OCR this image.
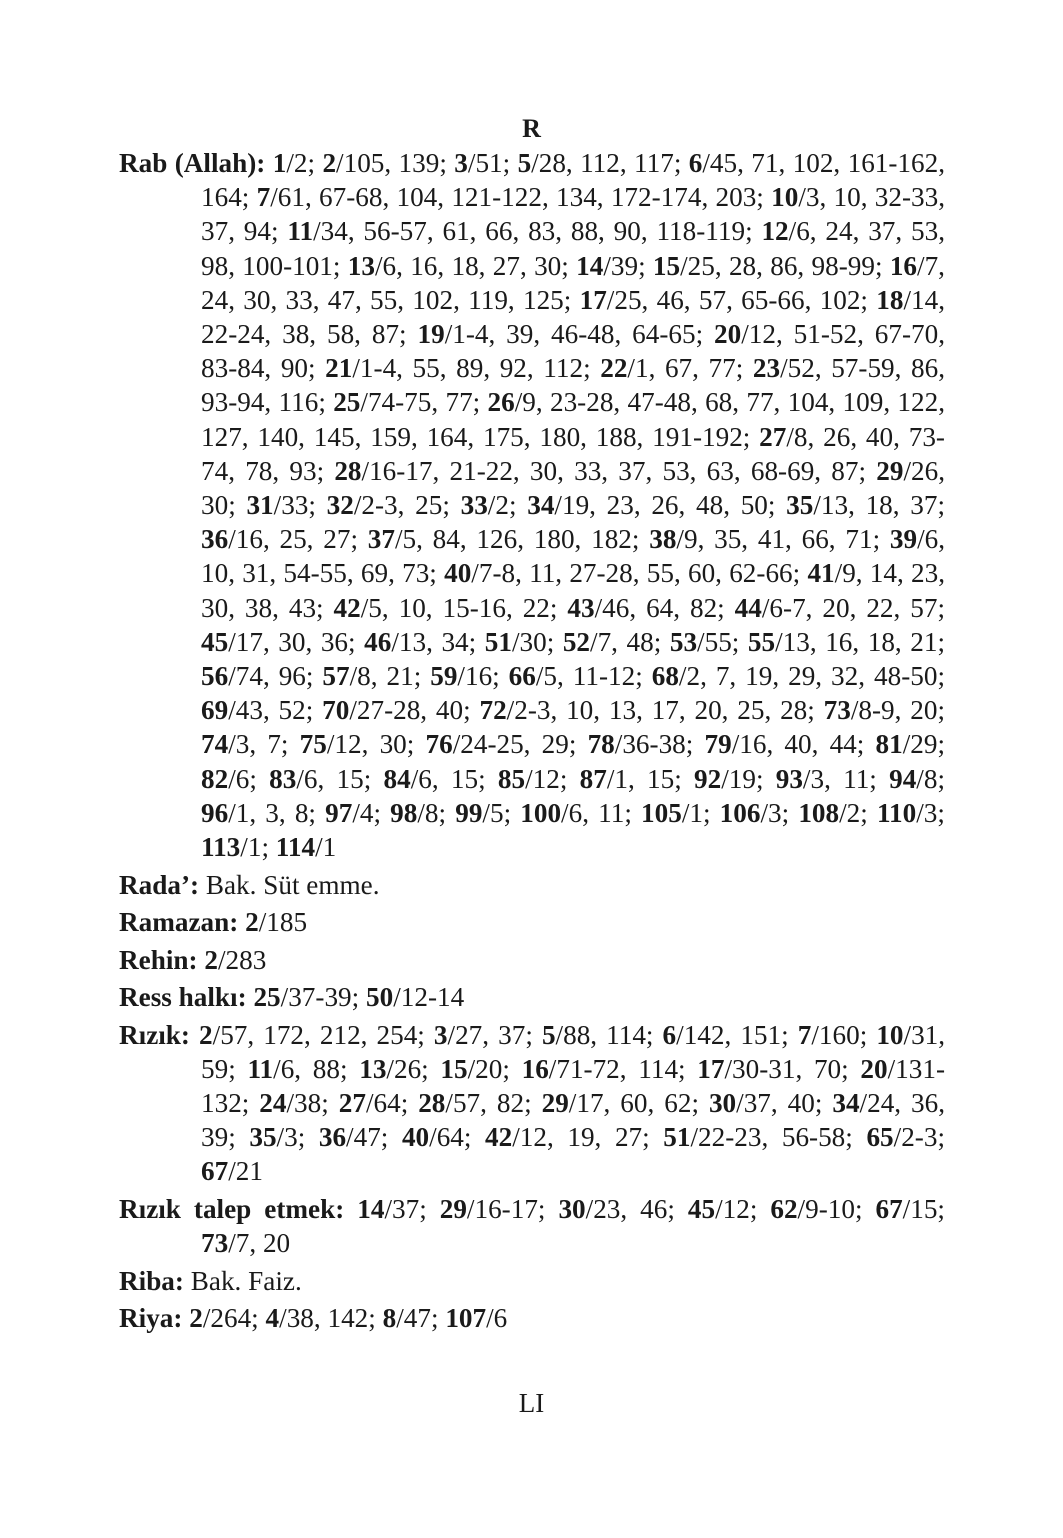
R
Rab (Allah): 1/2; 2/105, 139; 3/51; 5/28, 112, 117; 6/45, 71, 102, 161-162, 164; 7/61, 67-68, 104, 121-122, 134, 172-174, 203; 10/3, 10, 32-33, 37, 94; 11/34, 56-57, 61, 66, 83, 88, 90, 118-119; 12/6, 24, 37, 53, 98, 100-101; 13/6, 16, 18, 27, 30; 14/39; 15/25, 28, 86, 98-99; 16/7, 24, 30, 33, 47, 55, 102, 119, 125; 17/25, 46, 57, 65-66, 102; 18/14, 22-24, 38, 58, 87; 19/1-4, 39, 46-48, 64-65; 20/12, 51-52, 67-70, 83-84, 90; 21/1-4, 55, 89, 92, 112; 22/1, 67, 77; 23/52, 57-59, 86, 93-94, 116; 25/74-75, 77; 26/9, 23-28, 47-48, 68, 77, 104, 109, 122, 127, 140, 145, 159, 164, 175, 180, 188, 191-192; 27/8, 26, 40, 73-74, 78, 93; 28/16-17, 21-22, 30, 33, 37, 53, 63, 68-69, 87; 29/26, 30; 31/33; 32/2-3, 25; 33/2; 34/19, 23, 26, 48, 50; 35/13, 18, 37; 36/16, 25, 27; 37/5, 84, 126, 180, 182; 38/9, 35, 41, 66, 71; 39/6, 10, 31, 54-55, 69, 73; 40/7-8, 11, 27-28, 55, 60, 62-66; 41/9, 14, 23, 30, 38, 43; 42/5, 10, 15-16, 22; 43/46, 64, 82; 44/6-7, 20, 22, 57; 45/17, 30, 36; 46/13, 34; 51/30; 52/7, 48; 53/55; 55/13, 16, 18, 21; 56/74, 96; 57/8, 21; 59/16; 66/5, 11-12; 68/2, 7, 19, 29, 32, 48-50; 69/43, 52; 70/27-28, 40; 72/2-3, 10, 13, 17, 20, 25, 28; 73/8-9, 20; 74/3, 7; 75/12, 30; 76/24-25, 29; 78/36-38; 79/16, 40, 44; 81/29; 82/6; 83/6, 15; 84/6, 15; 85/12; 87/1, 15; 92/19; 93/3, 11; 94/8; 96/1, 3, 8; 97/4; 98/8; 99/5; 100/6, 11; 105/1; 106/3; 108/2; 110/3; 113/1; 114/1
Rada’: Bak. Süt emme.
Ramazan: 2/185
Rehin: 2/283
Ress halkı: 25/37-39; 50/12-14
Rızık: 2/57, 172, 212, 254; 3/27, 37; 5/88, 114; 6/142, 151; 7/160; 10/31, 59; 11/6, 88; 13/26; 15/20; 16/71-72, 114; 17/30-31, 70; 20/131-132; 24/38; 27/64; 28/57, 82; 29/17, 60, 62; 30/37, 40; 34/24, 36, 39; 35/3; 36/47; 40/64; 42/12, 19, 27; 51/22-23, 56-58; 65/2-3; 67/21
Rızık talep etmek: 14/37; 29/16-17; 30/23, 46; 45/12; 62/9-10; 67/15; 73/7, 20
Riba: Bak. Faiz.
Riya: 2/264; 4/38, 142; 8/47; 107/6
LI
